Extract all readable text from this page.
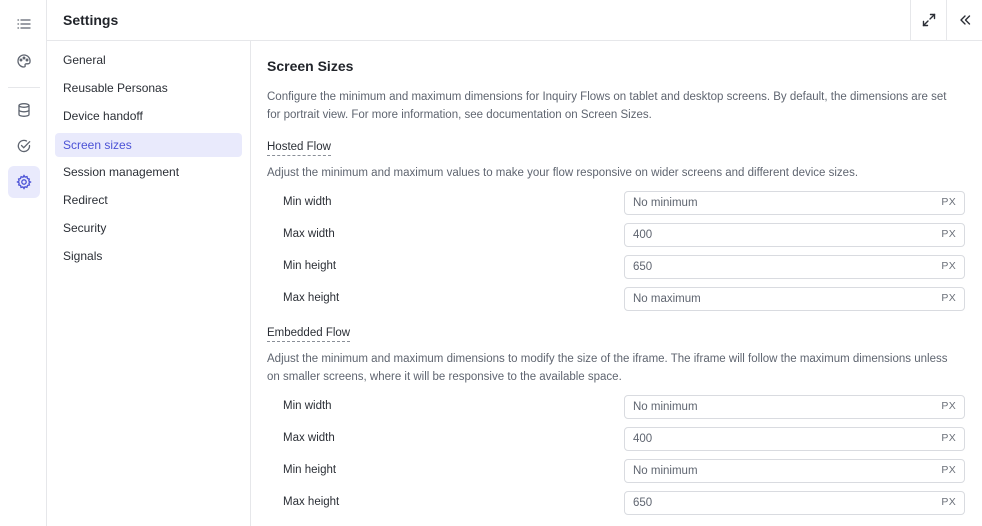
Settings
General
Reusable Personas
Device handoff
Screen sizes
Session management
Redirect
Security
Signals
Screen Sizes
Configure the minimum and maximum dimensions for Inquiry Flows on tablet and desktop screens. By default, the dimensions are set for portrait view. For more information, see documentation on Screen Sizes.
Hosted Flow
Adjust the minimum and maximum values to make your flow responsive on wider screens and different device sizes.
Min width
No minimum	PX
Max width
400	PX
Min height
650	PX
Max height
No maximum	PX
Embedded Flow
Adjust the minimum and maximum dimensions to modify the size of the iframe. The iframe will follow the maximum dimensions unless on smaller screens, where it will be responsive to the available space.
Min width
No minimum	PX
Max width
400	PX
Min height
No minimum	PX
Max height
650	PX
